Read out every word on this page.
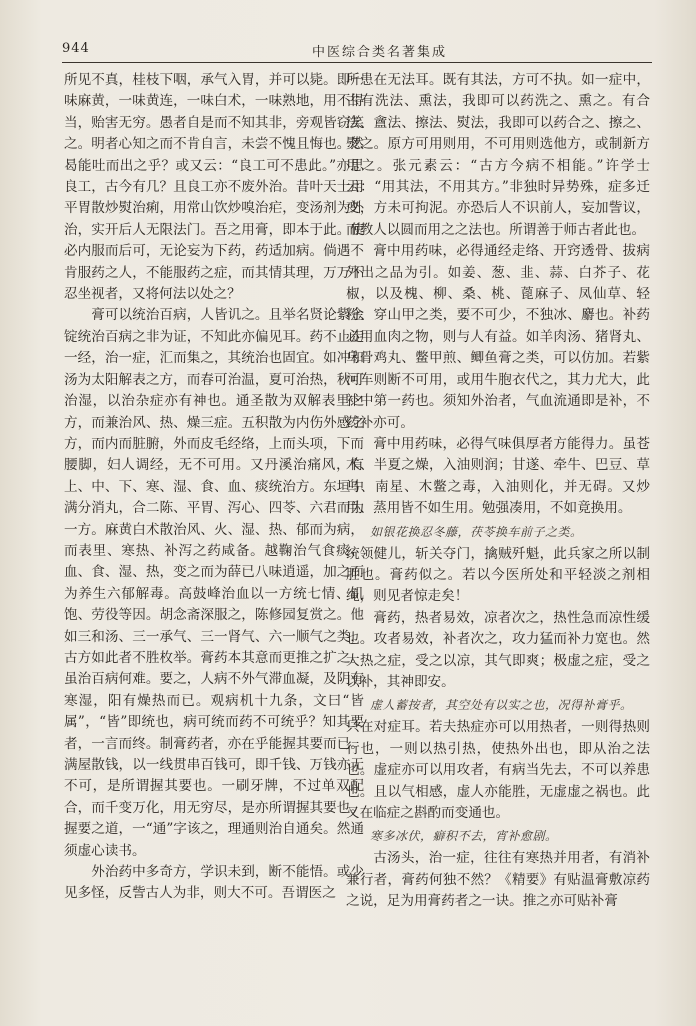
944	中医综合类名著集成

所见不真，桂枝下咽，承气入胃，并可以毙。即一味麻黄，一味黄连，一味白术，一味熟地，用不得当，贻害无穷。愚者自是而不知其非，旁观皆窃笑之。明者心知之而不肯自言，未尝不愧且悔也。然曷能吐而出之乎？或又云：“良工可不患此。”亦思良工，古今有几？且良工亦不废外治。昔叶天士用平胃散炒熨治痢，用常山饮炒嗅治疟，变汤剂为外治，实开后人无限法门。吾之用膏，即本于此。使必内服而后可，无论妄为下药，药适加病。倘遇不肯服药之人，不能服药之症，而其情其理，万万不忍坐视者，又将何法以处之？

膏可以统治百病，人皆讥之。且举名贤论紫金锭统治百病之非为证，不知此亦偏见耳。药不止走一经，治一症，汇而集之，其统治也固宜。如冲和汤为太阳解表之方，而春可治温，夏可治热，秋可治湿，以治杂症亦有神也。通圣散为双解表里之方，而兼治风、热、燥三症。五积散为内伤外感之方，而内而脏腑，外而皮毛经络，上而头项，下而腰脚，妇人调经，无不可用。又丹溪治痛风，有上、中、下、寒、湿、食、血、痰统治方。东垣中满分消丸，合二陈、平胃、泻心、四苓、六君而为一方。麻黄白术散治风、火、湿、热、郁而为病，而表里、寒热、补泻之药咸备。越鞠治气食痰、血、食、湿、热，变之而为薛已八味逍遥，加之而为养生六郁解毒。高鼓峰治血以一方统七情、饥饱、劳役等因。胡念斋深服之，陈修园复赏之。他如三和汤、三一承气、三一肾气、六一顺气之类，古方如此者不胜枚举。膏药本其意而更推之扩之。虽治百病何难。要之，人病不外气滞血凝，及阴有寒湿，阳有燥热而已。观病机十九条，文曰“皆属”，“皆”即统也，病可统而药不可统乎？知其要者，一言而终。制膏药者，亦在乎能握其要而已。满屋散钱，以一线贯串百钱可，即千钱、万钱亦无不可，是所谓握其要也。一刷牙牌，不过单双配合，而千变万化，用无穷尽，是亦所谓握其要也。握要之道，一“通”字该之，理通则治自通矣。然通须虚心读书。

外治药中多奇方，学识未到，断不能悟。或少见多怪，反訾古人为非，则大不可。吾谓医之

所患在无法耳。既有其法，方可不执。如一症中，古有洗法、熏法，我即可以药洗之、熏之。有合法、盦法、擦法、熨法，我即可以药合之、擦之、熨之。原方可用则用，不可用则选他方，或制新方用之。张元素云：“古方今病不相能。”许学士云：“用其法，不用其方。”非独时异势殊，症多迁变，方未可拘泥。亦恐后人不识前人，妄加訾议，而教人以圆而用之之法也。所谓善于师古者此也。

膏中用药味，必得通经走络、开窍透骨、拔病外出之品为引。如姜、葱、韭、蒜、白芥子、花椒，以及槐、柳、桑、桃、蓖麻子、凤仙草、轻粉、穿山甲之类，要不可少，不独冰、麝也。补药必用血肉之物，则与人有益。如羊肉汤、猪肾丸、乌骨鸡丸、鳖甲煎、鲫鱼膏之类，可以仿加。若紫河车则断不可用，或用牛胞衣代之，其力尤大，此补中第一药也。须知外治者，气血流通即是补，不药补亦可。

膏中用药味，必得气味俱厚者方能得力。虽苍术、半夏之燥，入油则润；甘遂、牵牛、巴豆、草乌、南星、木鳖之毒，入油则化，并无碍。又炒用、蒸用皆不如生用。勉强凑用，不如竟换用。

如银花换忍冬藤，茯苓换车前子之类。

统领健儿，斩关夺门，擒贼歼魁，此兵家之所以制胜也。膏药似之。若以今医所处和平轻淡之剂相绳，则见者惊走矣！

膏药，热者易效，凉者次之，热性急而凉性缓也。攻者易效，补者次之，攻力猛而补力宽也。然大热之症，受之以凉，其气即爽；极虚之症，受之以补，其神即安。

虚人蓄按者，其空处有以实之也，况得补膏乎。

只在对症耳。若夫热症亦可以用热者，一则得热则行也，一则以热引热，使热外出也，即从治之法也。虚症亦可以用攻者，有病当先去，不可以养患也。且以气相感，虚人亦能胜，无虚虚之祸也。此又在临症之斟酌而变通也。

寒多冰伏，癖积不去，宵补愈剧。

古汤头，治一症，往往有寒热并用者，有消补兼行者，膏药何独不然？《精要》有贴温膏敷凉药之说，足为用膏药者之一诀。推之亦可贴补膏
